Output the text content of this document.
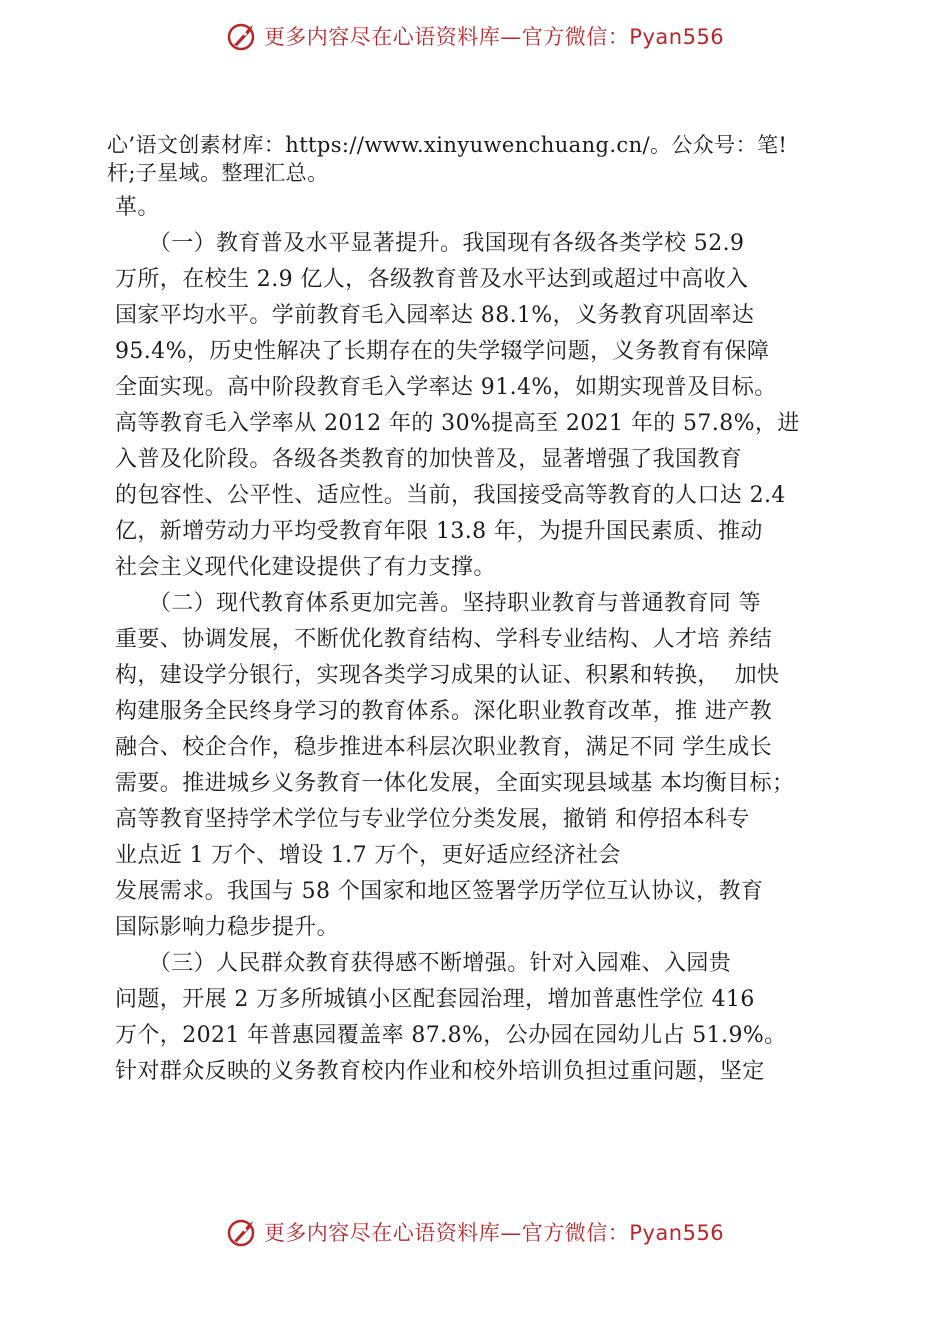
更多内容尽在心语资料库—官方微信：Pyan556
心’语文创素材库：https://www.xinyuwenchuang.cn/。公众号：笔!
杆;子星域。整理汇总。
革。
　　（一）教育普及水平显著提升。我国现有各级各类学校 52.9
万所，在校生 2.9 亿人，各级教育普及水平达到或超过中高收入
国家平均水平。学前教育毛入园率达 88.1%，义务教育巩固率达
95.4%，历史性解决了长期存在的失学辍学问题，义务教育有保障
全面实现。高中阶段教育毛入学率达 91.4%，如期实现普及目标。
高等教育毛入学率从 2012 年的 30%提高至 2021 年的 57.8%，进
入普及化阶段。各级各类教育的加快普及，显著增强了我国教育
的包容性、公平性、适应性。当前，我国接受高等教育的人口达 2.4
亿，新增劳动力平均受教育年限 13.8 年，为提升国民素质、推动
社会主义现代化建设提供了有力支撑。
　　（二）现代教育体系更加完善。坚持职业教育与普通教育同 等
重要、协调发展，不断优化教育结构、学科专业结构、人才培 养结
构，建设学分银行，实现各类学习成果的认证、积累和转换，  加快
构建服务全民终身学习的教育体系。深化职业教育改革，推 进产教
融合、校企合作，稳步推进本科层次职业教育，满足不同 学生成长
需要。推进城乡义务教育一体化发展，全面实现县域基 本均衡目标；
高等教育坚持学术学位与专业学位分类发展，撤销 和停招本科专
业点近 1 万个、增设 1.7 万个，更好适应经济社会
发展需求。我国与 58 个国家和地区签署学历学位互认协议，教育
国际影响力稳步提升。
　　（三）人民群众教育获得感不断增强。针对入园难、入园贵
问题，开展 2 万多所城镇小区配套园治理，增加普惠性学位 416
万个，2021 年普惠园覆盖率 87.8%，公办园在园幼儿占 51.9%。
针对群众反映的义务教育校内作业和校外培训负担过重问题，坚定
更多内容尽在心语资料库—官方微信：Pyan556
